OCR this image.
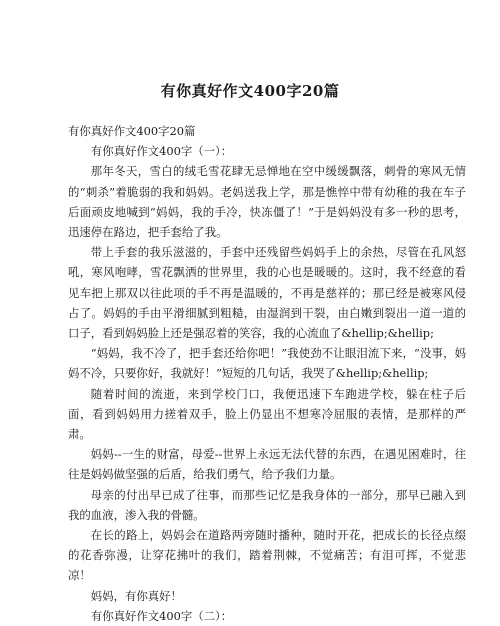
有你真好作文400字20篇

有你真好作文400字20篇

有你真好作文400字（一）：

那年冬天，雪白的绒毛雪花肆无忌惮地在空中缓缓飘落，刺骨的寒风无情的“刺杀”着脆弱的我和妈妈。老妈送我上学，那是憔悴中带有幼稚的我在车子后面顽皮地喊到“妈妈，我的手冷，快冻僵了！”于是妈妈没有多一秒的思考，迅速停在路边，把手套给了我。

带上手套的我乐滋滋的，手套中还残留些妈妈手上的余热，尽管在孔风怒吼，寒风咆哮，雪花飘洒的世界里，我的心也是暖暖的。这时，我不经意的看见车把上那双以往此项的手不再是温暖的，不再是慈祥的；那已经是被寒风侵占了。妈妈的手由平滑细腻到粗糙，由湿润到干裂，由白嫩到裂出一道一道的口子，看到妈妈脸上还是强忍着的笑容，我的心流血了&hellip;&hellip;

“妈妈，我不冷了，把手套还给你吧！”我使劲不让眼泪流下来，“没事，妈妈不冷，只要你好，我就好！”短短的几句话，我哭了&hellip;&hellip;

随着时间的流逝，来到学校门口，我便迅速下车跑进学校，躲在柱子后面，看到妈妈用力搓着双手，脸上仍显出不想寒冷屈服的表情，是那样的严肃。

妈妈--一生的财富，母爱--世界上永远无法代替的东西，在遇见困难时，往往是妈妈做坚强的后盾，给我们勇气，给予我们力量。

母亲的付出早已成了往事，而那些记忆是我身体的一部分，那早已融入到我的血液，渗入我的骨髓。

在长的路上，妈妈会在道路两旁随时播种，随时开花，把成长的长径点缀的花香弥漫，让穿花拂叶的我们，踏着荆棘，不觉痛苦；有泪可挥，不觉悲凉！

妈妈，有你真好！

有你真好作文400字（二）：
